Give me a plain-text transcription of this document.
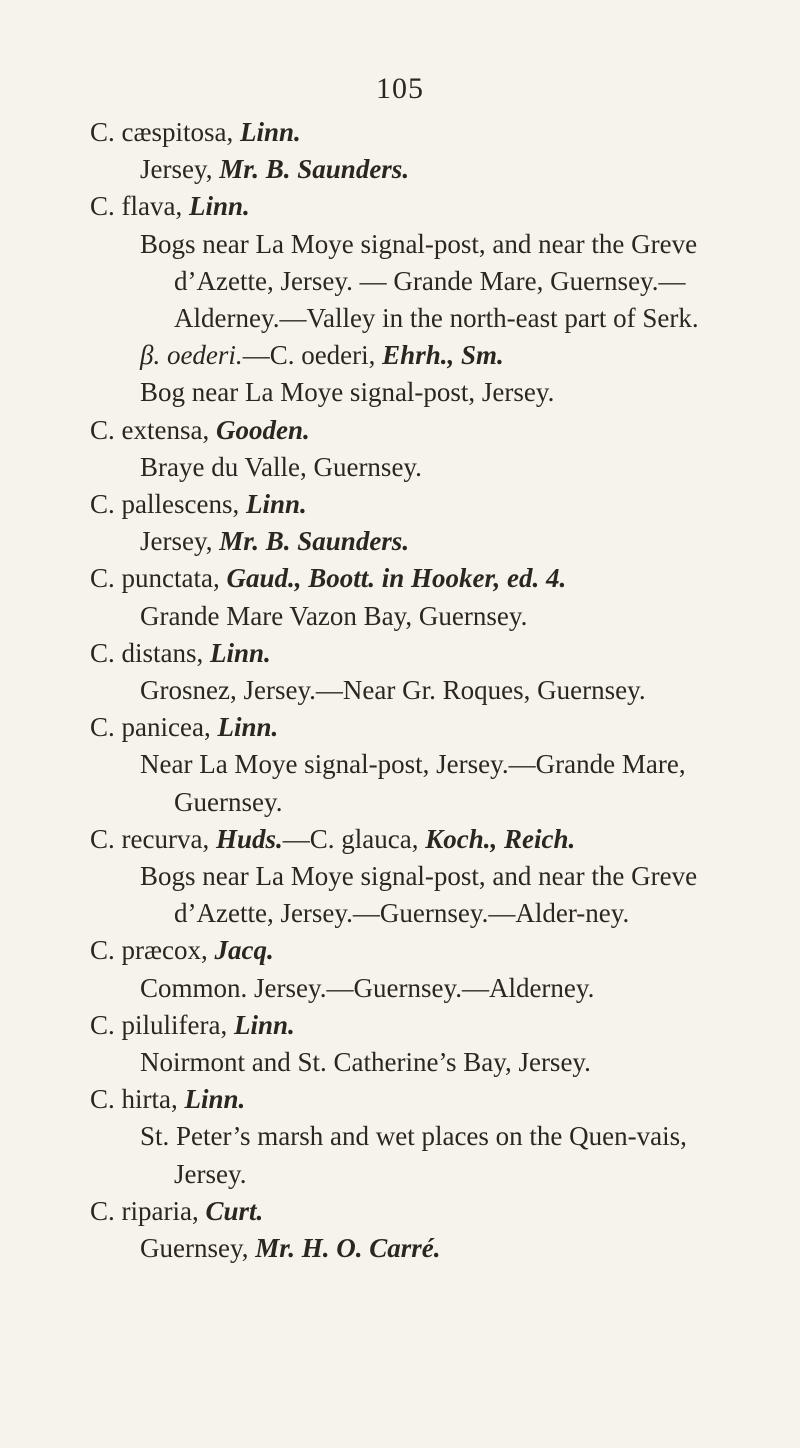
105

C. cæspitosa, Linn.

Jersey, Mr. B. Saunders.

C. flava, Linn.

Bogs near La Moye signal-post, and near the Greve d’Azette, Jersey. — Grande Mare, Guernsey.—Alderney.—Valley in the north-east part of Serk.

β. oederi.—C. oederi, Ehrh., Sm.

Bog near La Moye signal-post, Jersey.

C. extensa, Gooden.

Braye du Valle, Guernsey.

C. pallescens, Linn.

Jersey, Mr. B. Saunders.

C. punctata, Gaud., Boott. in Hooker, ed. 4.

Grande Mare Vazon Bay, Guernsey.

C. distans, Linn.

Grosnez, Jersey.—Near Gr. Roques, Guernsey.

C. panicea, Linn.

Near La Moye signal-post, Jersey.—Grande Mare, Guernsey.

C. recurva, Huds.—C. glauca, Koch., Reich.

Bogs near La Moye signal-post, and near the Greve d’Azette, Jersey.—Guernsey.—Alder-ney.

C. præcox, Jacq.

Common. Jersey.—Guernsey.—Alderney.

C. pilulifera, Linn.

Noirmont and St. Catherine’s Bay, Jersey.

C. hirta, Linn.

St. Peter’s marsh and wet places on the Quen-vais, Jersey.

C. riparia, Curt.

Guernsey, Mr. H. O. Carré.
